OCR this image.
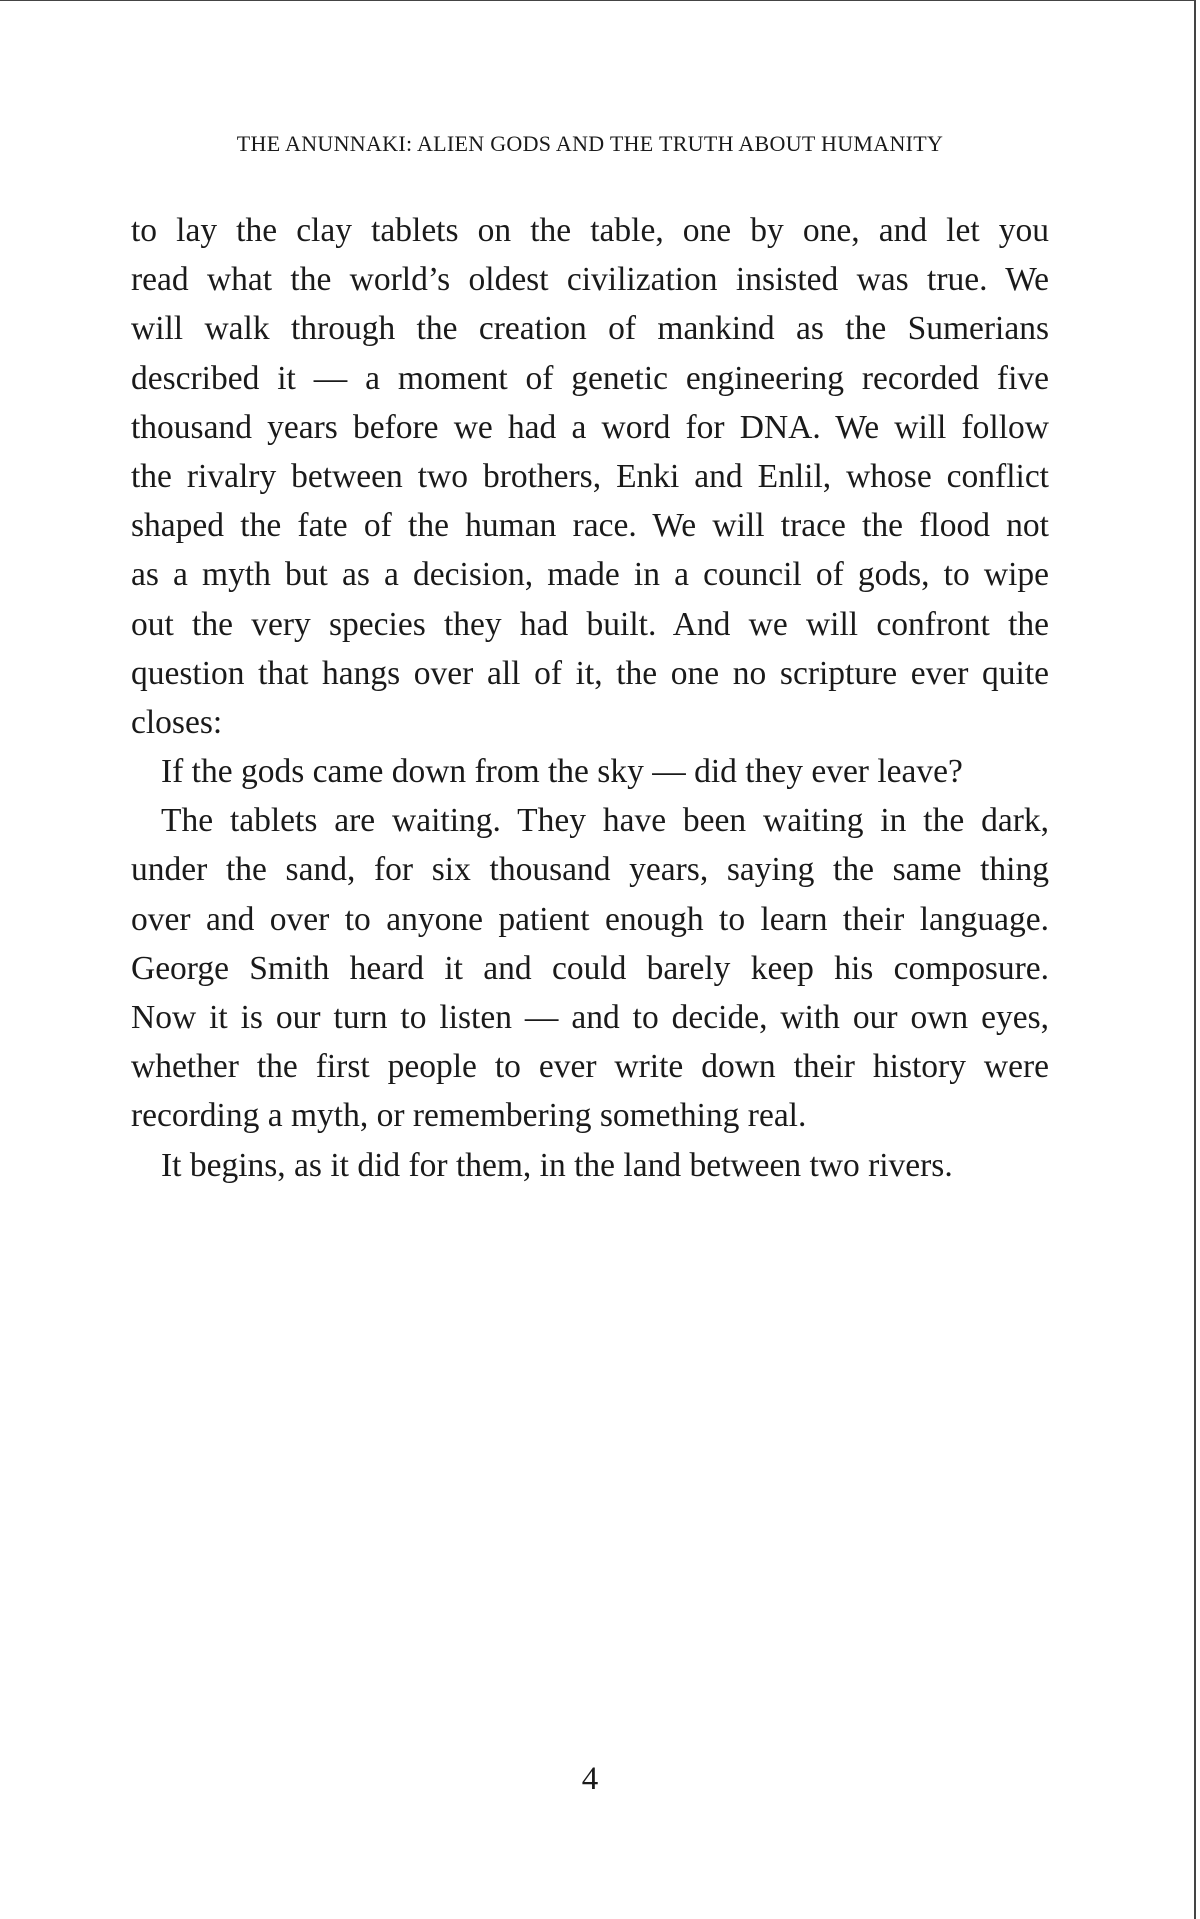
THE ANUNNAKI: ALIEN GODS AND THE TRUTH ABOUT HUMANITY
to lay the clay tablets on the table, one by one, and let you
read what the world’s oldest civilization insisted was true. We
will walk through the creation of mankind as the Sumerians
described it — a moment of genetic engineering recorded five
thousand years before we had a word for DNA. We will follow
the rivalry between two brothers, Enki and Enlil, whose conflict
shaped the fate of the human race. We will trace the flood not
as a myth but as a decision, made in a council of gods, to wipe
out the very species they had built. And we will confront the
question that hangs over all of it, the one no scripture ever quite
closes:
If the gods came down from the sky — did they ever leave?
The tablets are waiting. They have been waiting in the dark,
under the sand, for six thousand years, saying the same thing
over and over to anyone patient enough to learn their language.
George Smith heard it and could barely keep his composure.
Now it is our turn to listen — and to decide, with our own eyes,
whether the first people to ever write down their history were
recording a myth, or remembering something real.
It begins, as it did for them, in the land between two rivers.
4
